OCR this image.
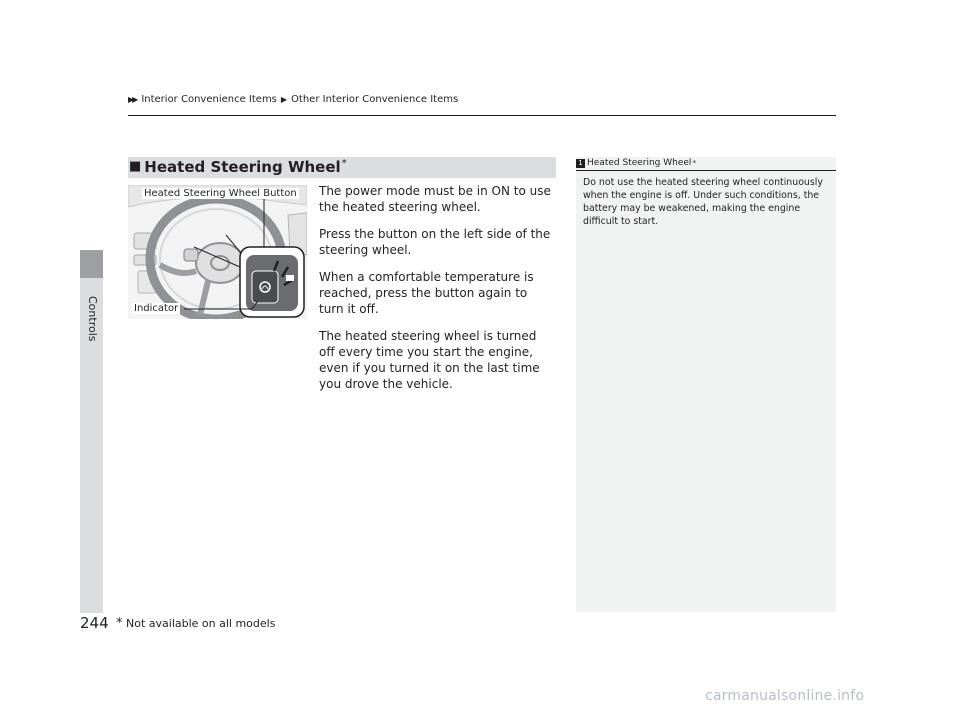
Controls
▶▶ Interior Convenience Items ▶ Other Interior Convenience Items
■ Heated Steering Wheel*
Heated Steering Wheel Button
Indicator

The power mode must be in ON to use the heated steering wheel.

Press the button on the left side of the steering wheel.

When a comfortable temperature is reached, press the button again to turn it off.

The heated steering wheel is turned off every time you start the engine, even if you turned it on the last time you drove the vehicle.

1 Heated Steering Wheel *
Do not use the heated steering wheel continuously when the engine is off. Under such conditions, the battery may be weakened, making the engine difficult to start.
244 * Not available on all models
carmanualsonline.info
